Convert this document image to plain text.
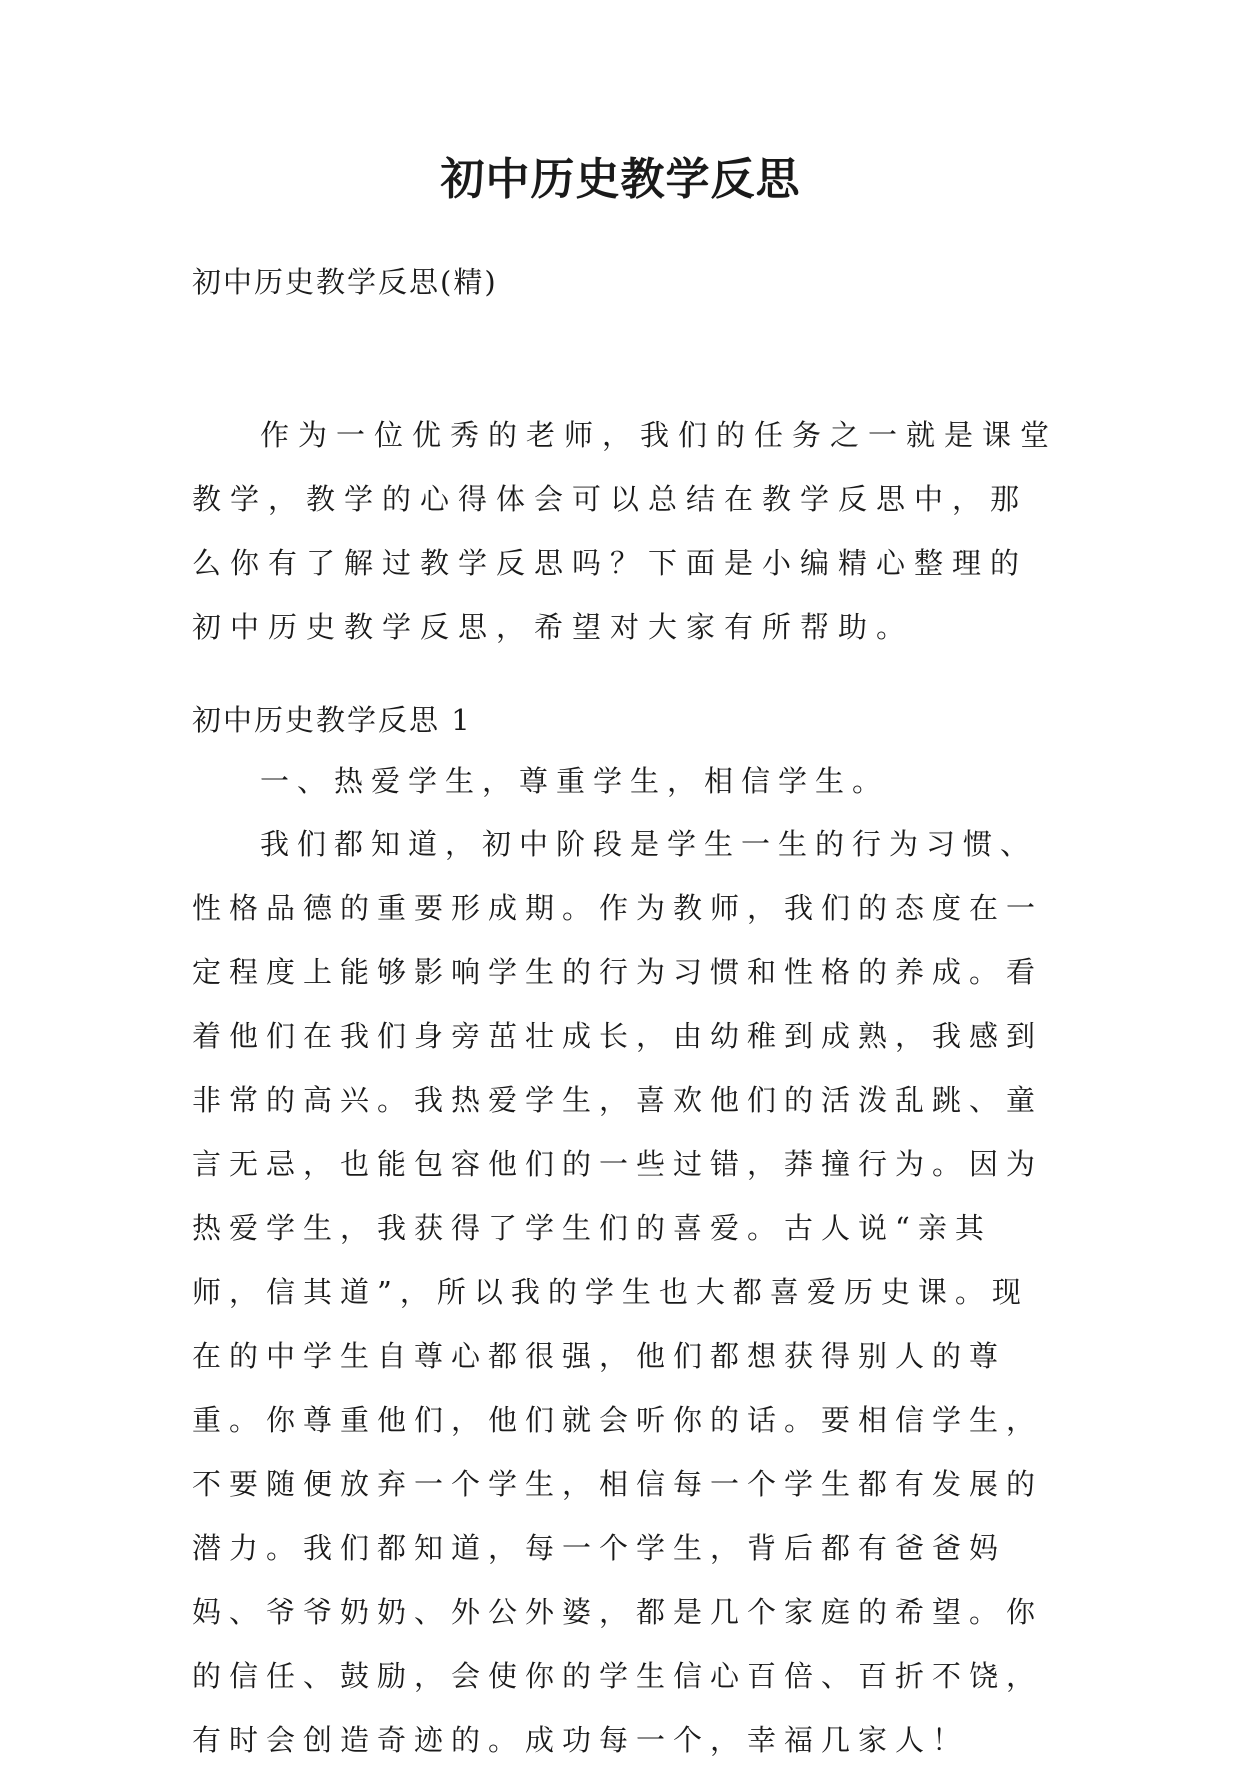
初中历史教学反思
初中历史教学反思(精)

作为一位优秀的老师，我们的任务之一就是课堂教学，教学的心得体会可以总结在教学反思中，那么你有了解过教学反思吗？下面是小编精心整理的初中历史教学反思，希望对大家有所帮助。

初中历史教学反思 1
一、热爱学生，尊重学生，相信学生。

我们都知道，初中阶段是学生一生的行为习惯、性格品德的重要形成期。作为教师，我们的态度在一定程度上能够影响学生的行为习惯和性格的养成。看着他们在我们身旁茁壮成长，由幼稚到成熟，我感到非常的高兴。我热爱学生，喜欢他们的活泼乱跳、童言无忌，也能包容他们的一些过错，莽撞行为。因为热爱学生，我获得了学生们的喜爱。古人说“亲其师，信其道”，所以我的学生也大都喜爱历史课。现在的中学生自尊心都很强，他们都想获得别人的尊重。你尊重他们，他们就会听你的话。要相信学生，不要随便放弃一个学生，相信每一个学生都有发展的潜力。我们都知道，每一个学生，背后都有爸爸妈妈、爷爷奶奶、外公外婆，都是几个家庭的希望。你的信任、鼓励，会使你的学生信心百倍、百折不饶，有时会创造奇迹的。成功每一个，幸福几家人！
